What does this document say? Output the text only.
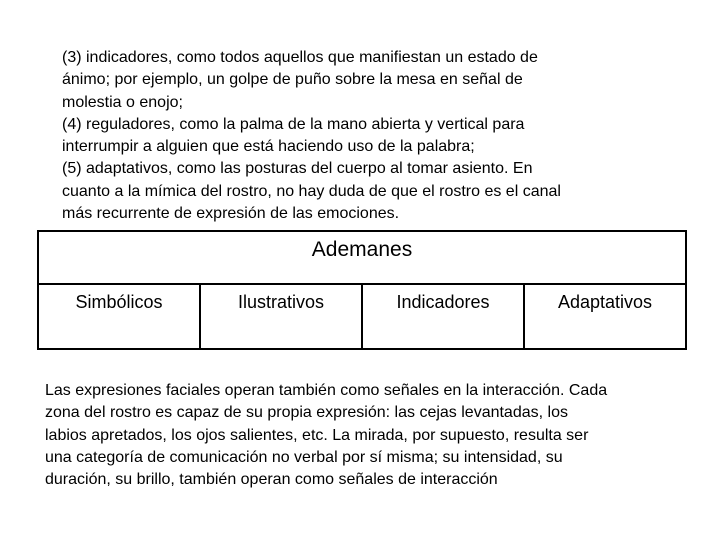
(3) indicadores, como todos aquellos que manifiestan un estado de
ánimo; por ejemplo, un golpe de puño sobre la mesa en señal de
molestia o enojo;
(4) reguladores, como la palma de la mano abierta y vertical para
interrumpir a alguien que está haciendo uso de la palabra;
(5) adaptativos, como las posturas del cuerpo al tomar asiento. En
cuanto a la mímica del rostro, no hay duda de que el rostro es el canal
más recurrente de expresión de las emociones.
Ademanes
Simbólicos	Ilustrativos	Indicadores	Adaptativos
Las expresiones faciales operan también como señales en la interacción. Cada
zona del rostro es capaz de su propia expresión: las cejas levantadas, los
labios apretados, los ojos salientes, etc. La mirada, por supuesto, resulta ser
una categoría de comunicación no verbal por sí misma; su intensidad, su
duración, su brillo, también operan como señales de interacción
